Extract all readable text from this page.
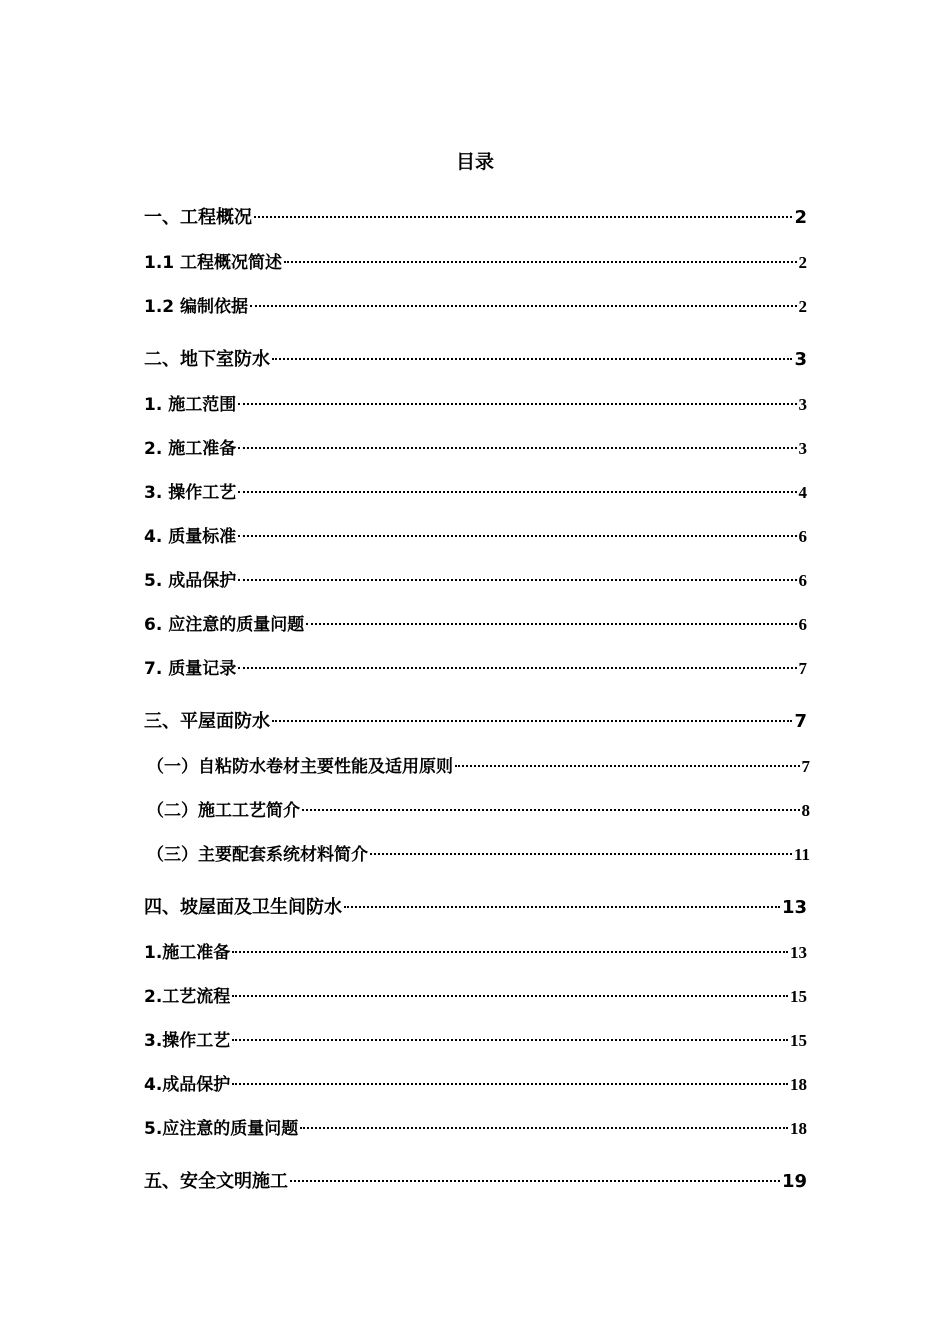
目录
一、工程概况	2
1.1 工程概况简述	2
1.2 编制依据	2
二、地下室防水	3
1. 施工范围	3
2. 施工准备	3
3. 操作工艺	4
4. 质量标准	6
5. 成品保护	6
6. 应注意的质量问题	6
7. 质量记录	7
三、平屋面防水	7
（一）自粘防水卷材主要性能及适用原则	7
（二）施工工艺简介	8
（三）主要配套系统材料简介	11
四、坡屋面及卫生间防水	13
1.施工准备	13
2.工艺流程	15
3.操作工艺	15
4.成品保护	18
5.应注意的质量问题	18
五、安全文明施工	19
